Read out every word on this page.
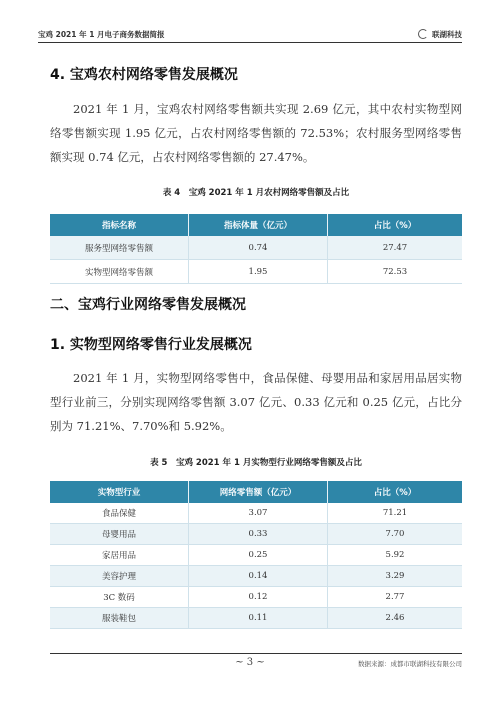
宝鸡 2021 年 1 月电子商务数据简报	联湖科技
4. 宝鸡农村网络零售发展概况
2021 年 1 月，宝鸡农村网络零售额共实现 2.69 亿元，其中农村实物型网络零售额实现 1.95 亿元，占农村网络零售额的 72.53%；农村服务型网络零售额实现 0.74 亿元，占农村网络零售额的 27.47%。
表 4　宝鸡 2021 年 1 月农村网络零售额及占比
指标名称	指标体量（亿元）	占比（%）
服务型网络零售额	0.74	27.47
实物型网络零售额	1.95	72.53
二、宝鸡行业网络零售发展概况
1. 实物型网络零售行业发展概况
2021 年 1 月，实物型网络零售中，食品保健、母婴用品和家居用品居实物型行业前三，分别实现网络零售额 3.07 亿元、0.33 亿元和 0.25 亿元，占比分别为 71.21%、7.70%和 5.92%。
表 5　宝鸡 2021 年 1 月实物型行业网络零售额及占比
实物型行业	网络零售额（亿元）	占比（%）
食品保健	3.07	71.21
母婴用品	0.33	7.70
家居用品	0.25	5.92
美容护理	0.14	3.29
3C 数码	0.12	2.77
服装鞋包	0.11	2.46
~ 3 ~	数据来源：成都市联湖科技有限公司
